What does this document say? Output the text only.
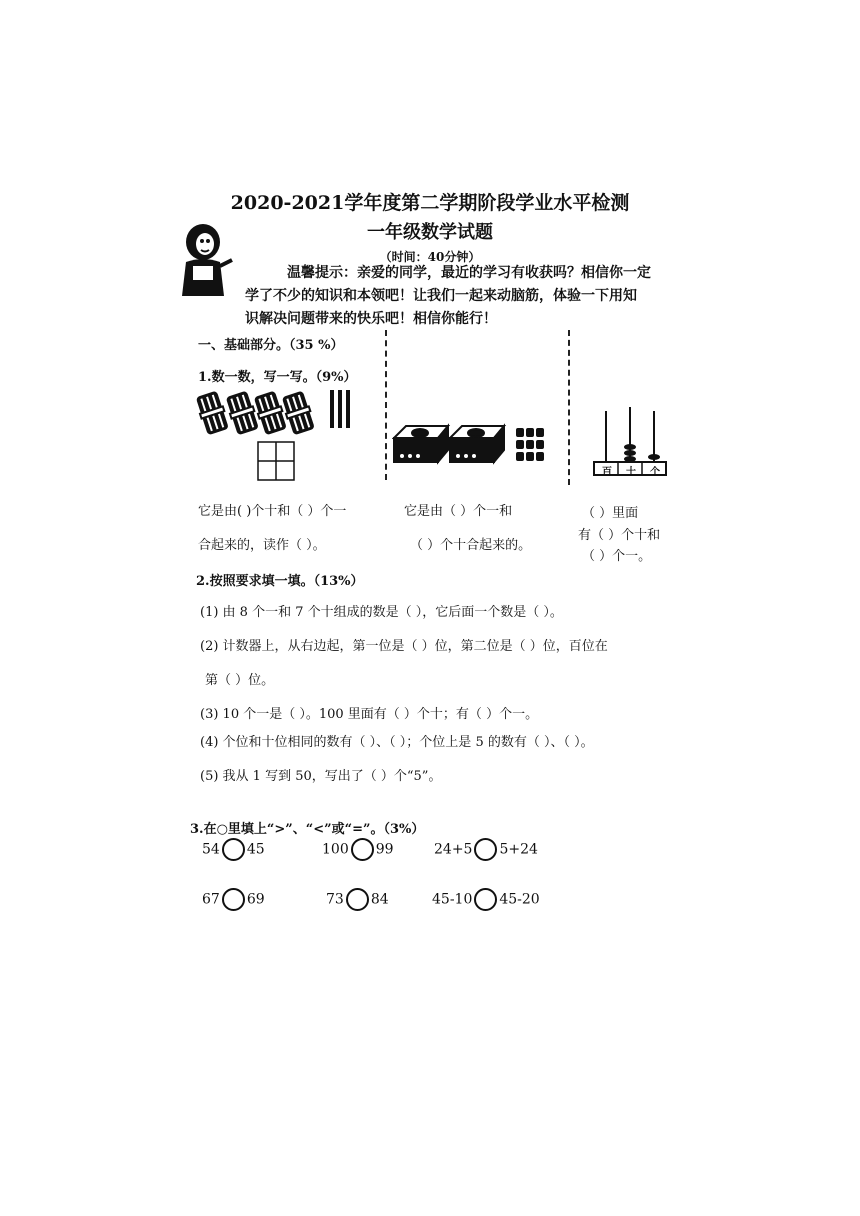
2020-2021学年度第二学期阶段学业水平检测
一年级数学试题
（时间：40分钟）
温馨提示：亲爱的同学，最近的学习有收获吗？相信你一定
学了不少的知识和本领吧！让我们一起来动脑筋，体验一下用知
识解决问题带来的快乐吧！相信你能行！
一、基础部分。（35 %）
1.数一数，写一写。（9%）
百	十	个
它是由( )个十和（ ）个一
合起来的，读作（ ）。
它是由（ ）个一和
（ ）个十合起来的。
（ ）里面
有（ ）个十和
（ ）个一。
2.按照要求填一填。（13%）
(1) 由 8 个一和 7 个十组成的数是（ ），它后面一个数是（ ）。
(2) 计数器上，从右边起，第一位是（ ）位，第二位是（ ）位，百位在
第（ ）位。
(3) 10 个一是（ ）。100 里面有（ ）个十；有（ ）个一。
(4) 个位和十位相同的数有（ ）、（ ）；个位上是 5 的数有（ ）、（ ）。
(5) 我从 1 写到 50，写出了（ ）个“5”。
3.在○里填上“>”、“<”或“=”。（3%）
54 45	100 99	24+5 5+24
67 69	73 84	45-10 45-20
